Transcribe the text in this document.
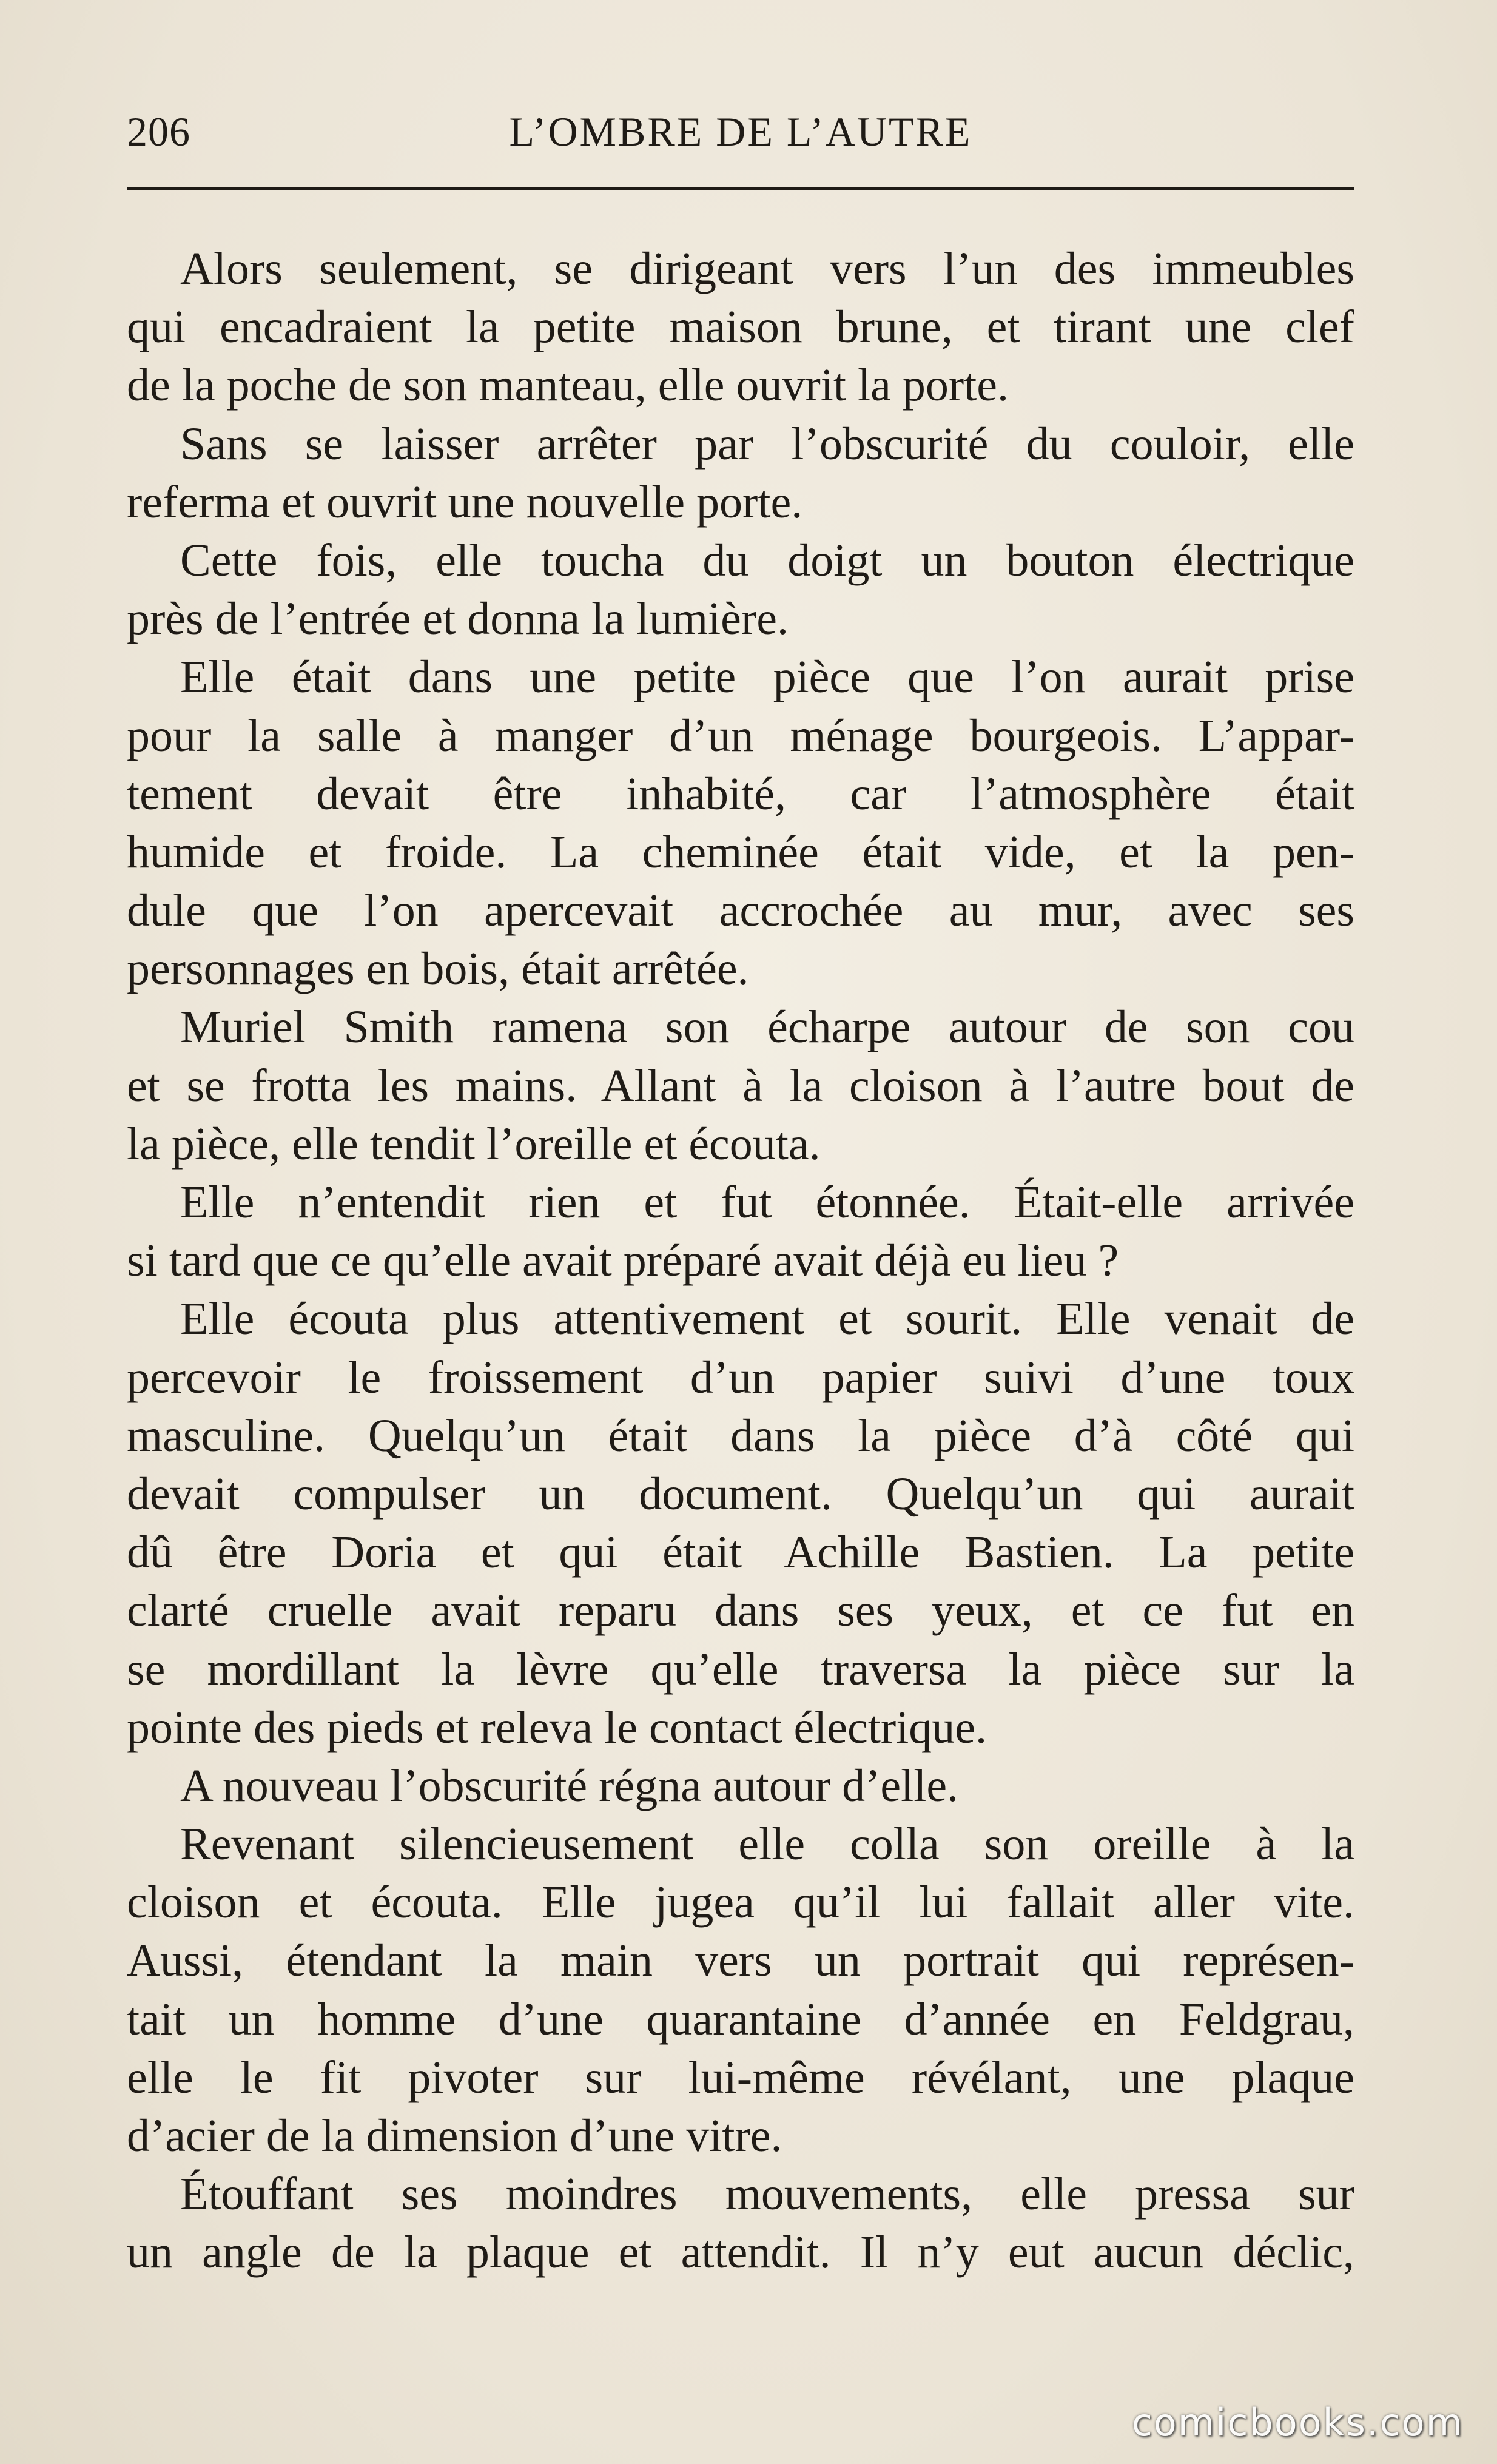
206	L’OMBRE DE L’AUTRE
Alors seulement, se dirigeant vers l’un des immeubles
qui encadraient la petite maison brune, et tirant une clef
de la poche de son manteau, elle ouvrit la porte.
Sans se laisser arrêter par l’obscurité du couloir, elle
referma et ouvrit une nouvelle porte.
Cette fois, elle toucha du doigt un bouton électrique
près de l’entrée et donna la lumière.
Elle était dans une petite pièce que l’on aurait prise
pour la salle à manger d’un ménage bourgeois. L’appar-
tement devait être inhabité, car l’atmosphère était
humide et froide. La cheminée était vide, et la pen-
dule que l’on apercevait accrochée au mur, avec ses
personnages en bois, était arrêtée.
Muriel Smith ramena son écharpe autour de son cou
et se frotta les mains. Allant à la cloison à l’autre bout de
la pièce, elle tendit l’oreille et écouta.
Elle n’entendit rien et fut étonnée. Était-elle arrivée
si tard que ce qu’elle avait préparé avait déjà eu lieu ?
Elle écouta plus attentivement et sourit. Elle venait de
percevoir le froissement d’un papier suivi d’une toux
masculine. Quelqu’un était dans la pièce d’à côté qui
devait compulser un document. Quelqu’un qui aurait
dû être Doria et qui était Achille Bastien. La petite
clarté cruelle avait reparu dans ses yeux, et ce fut en
se mordillant la lèvre qu’elle traversa la pièce sur la
pointe des pieds et releva le contact électrique.
A nouveau l’obscurité régna autour d’elle.
Revenant silencieusement elle colla son oreille à la
cloison et écouta. Elle jugea qu’il lui fallait aller vite.
Aussi, étendant la main vers un portrait qui représen-
tait un homme d’une quarantaine d’année en Feldgrau,
elle le fit pivoter sur lui-même révélant, une plaque
d’acier de la dimension d’une vitre.
Étouffant ses moindres mouvements, elle pressa sur
un angle de la plaque et attendit. Il n’y eut aucun déclic,
comicbooks.com
